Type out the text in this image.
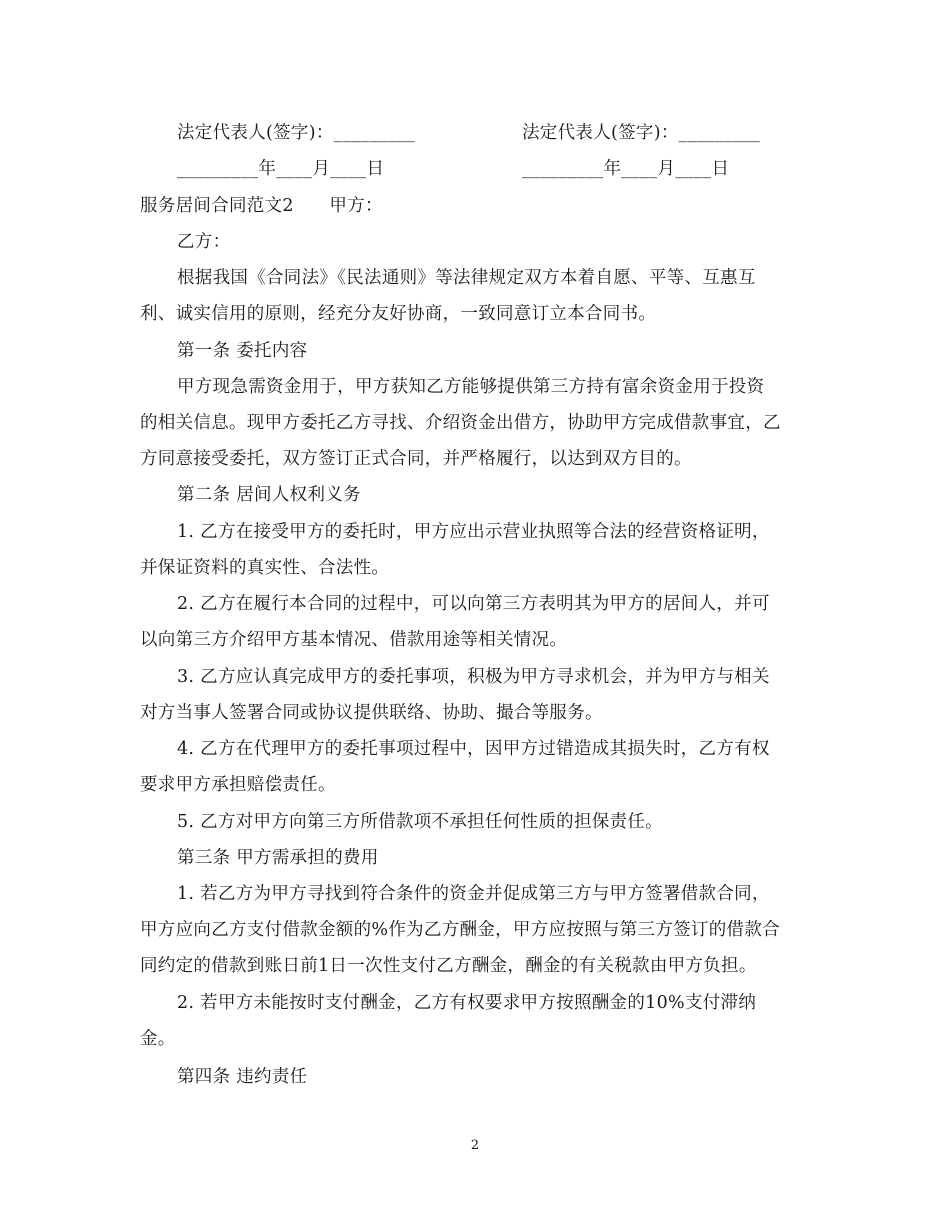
法定代表人(签字)：_________	法定代表人(签字)：_________
_________年____月____日	_________年____月____日
服务居间合同范文2　　甲方：
乙方：
根据我国《合同法》《民法通则》等法律规定双方本着自愿、平等、互惠互
利、诚实信用的原则，经充分友好协商，一致同意订立本合同书。
第一条 委托内容
甲方现急需资金用于，甲方获知乙方能够提供第三方持有富余资金用于投资
的相关信息。现甲方委托乙方寻找、介绍资金出借方，协助甲方完成借款事宜，乙
方同意接受委托，双方签订正式合同，并严格履行，以达到双方目的。
第二条 居间人权利义务
1. 乙方在接受甲方的委托时，甲方应出示营业执照等合法的经营资格证明，
并保证资料的真实性、合法性。
2. 乙方在履行本合同的过程中，可以向第三方表明其为甲方的居间人，并可
以向第三方介绍甲方基本情况、借款用途等相关情况。
3. 乙方应认真完成甲方的委托事项，积极为甲方寻求机会，并为甲方与相关
对方当事人签署合同或协议提供联络、协助、撮合等服务。
4. 乙方在代理甲方的委托事项过程中，因甲方过错造成其损失时，乙方有权
要求甲方承担赔偿责任。
5. 乙方对甲方向第三方所借款项不承担任何性质的担保责任。
第三条 甲方需承担的费用
1. 若乙方为甲方寻找到符合条件的资金并促成第三方与甲方签署借款合同，
甲方应向乙方支付借款金额的%作为乙方酬金，甲方应按照与第三方签订的借款合
同约定的借款到账日前1日一次性支付乙方酬金，酬金的有关税款由甲方负担。
2. 若甲方未能按时支付酬金，乙方有权要求甲方按照酬金的10%支付滞纳
金。
第四条 违约责任
2
